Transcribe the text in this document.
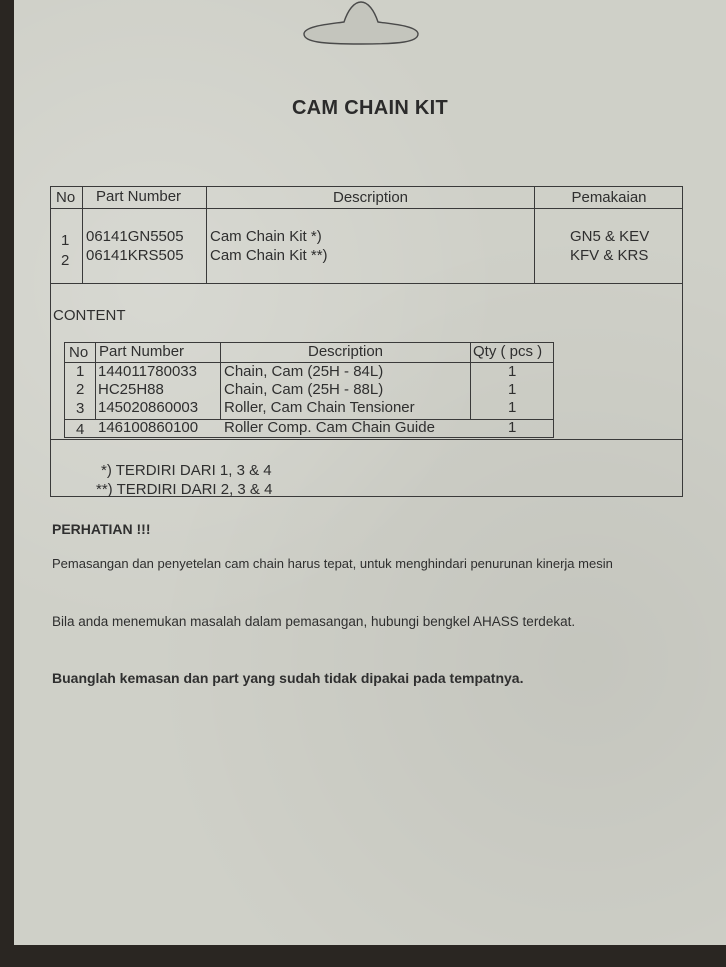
CAM CHAIN KIT
No Part Number	Description	Pemakaian
1 06141GN5505 Cam Chain Kit *)	GN5 & KEV
2 06141KRS505 Cam Chain Kit **)	KFV & KRS
CONTENT
No Part Number	Description	Qty ( pcs )
1 144011780033 Chain, Cam (25H - 84L)	1
2 HC25H88	Chain, Cam (25H - 88L)	1
3 145020860003 Roller, Cam Chain Tensioner	1
4 146100860100 Roller Comp. Cam Chain Guide	1
*) TERDIRI DARI 1, 3 & 4
**) TERDIRI DARI 2, 3 & 4
PERHATIAN !!!
Pemasangan dan penyetelan cam chain harus tepat, untuk menghindari penurunan kinerja mesin
Bila anda menemukan masalah dalam pemasangan, hubungi bengkel AHASS terdekat.
Buanglah kemasan dan part yang sudah tidak dipakai pada tempatnya.
